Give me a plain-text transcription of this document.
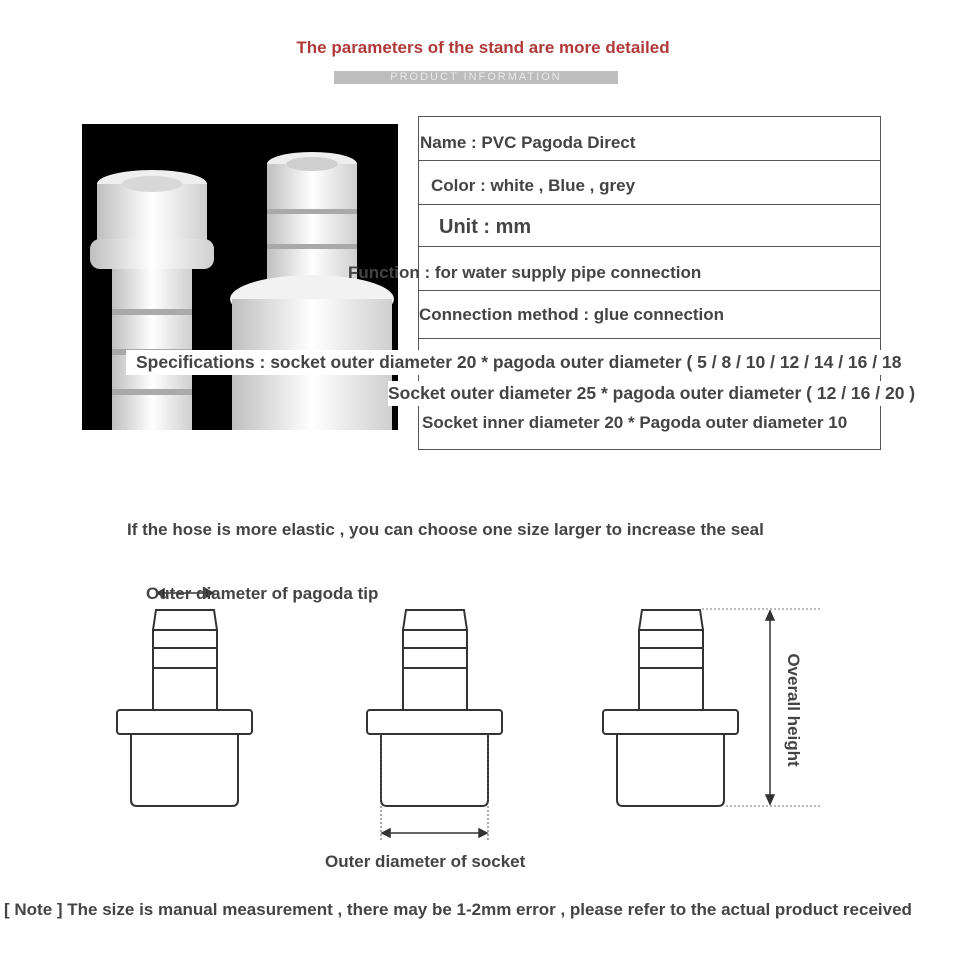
The parameters of the stand are more detailed
PRODUCT INFORMATION
Name : PVC Pagoda Direct
Color : white , Blue , grey
Unit : mm
Function : for water supply pipe connection
Connection method : glue connection
Specifications : socket outer diameter 20 * pagoda outer diameter ( 5 / 8 / 10 / 12 / 14 / 16 / 18
Socket outer diameter 25 * pagoda outer diameter ( 12 / 16 / 20 )
Socket inner diameter 20 * Pagoda outer diameter 10
If the hose is more elastic , you can choose one size larger to increase the seal
Outer diameter of pagoda tip
Outer diameter of socket
Overall height
[ Note ] The size is manual measurement , there may be 1-2mm error , please refer to the actual product received
